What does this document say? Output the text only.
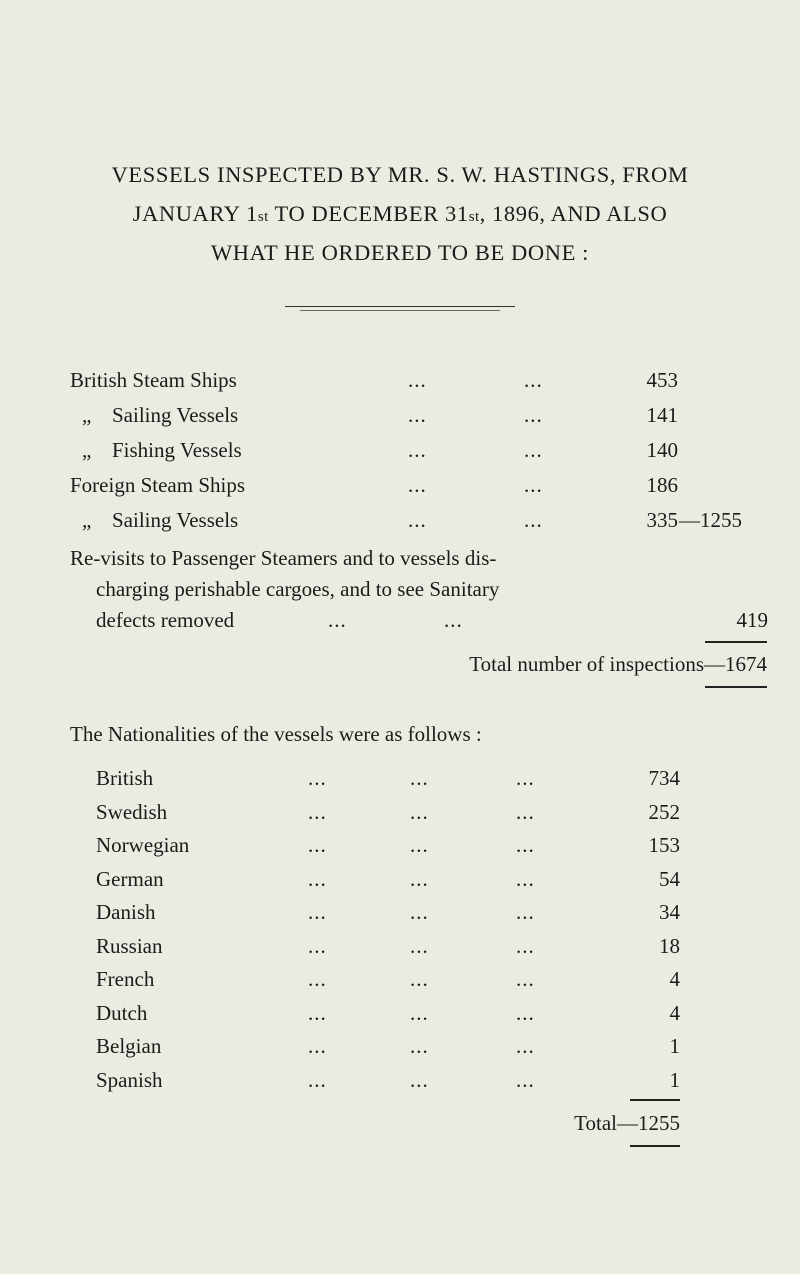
VESSELS INSPECTED BY MR. S. W. HASTINGS, FROM
JANUARY 1st TO DECEMBER 31st, 1896, AND ALSO
WHAT HE ORDERED TO BE DONE :
British Steam Ships	...	...	453
„ Sailing Vessels	...	...	141
„ Fishing Vessels	...	...	140
Foreign Steam Ships	...	...	186
„ Sailing Vessels	...	...	335 —1255
Re-visits to Passenger Steamers and to vessels dis-
charging perishable cargoes, and to see Sanitary
defects removed	...	...	419
Total number of inspections—1674
The Nationalities of the vessels were as follows :
British	...	...	...	734
Swedish	...	...	...	252
Norwegian	...	...	...	153
German	...	...	...	54
Danish	...	...	...	34
Russian	...	...	...	18
French	...	...	...	4
Dutch	...	...	...	4
Belgian	...	...	...	1
Spanish	...	...	...	1
Total—1255
